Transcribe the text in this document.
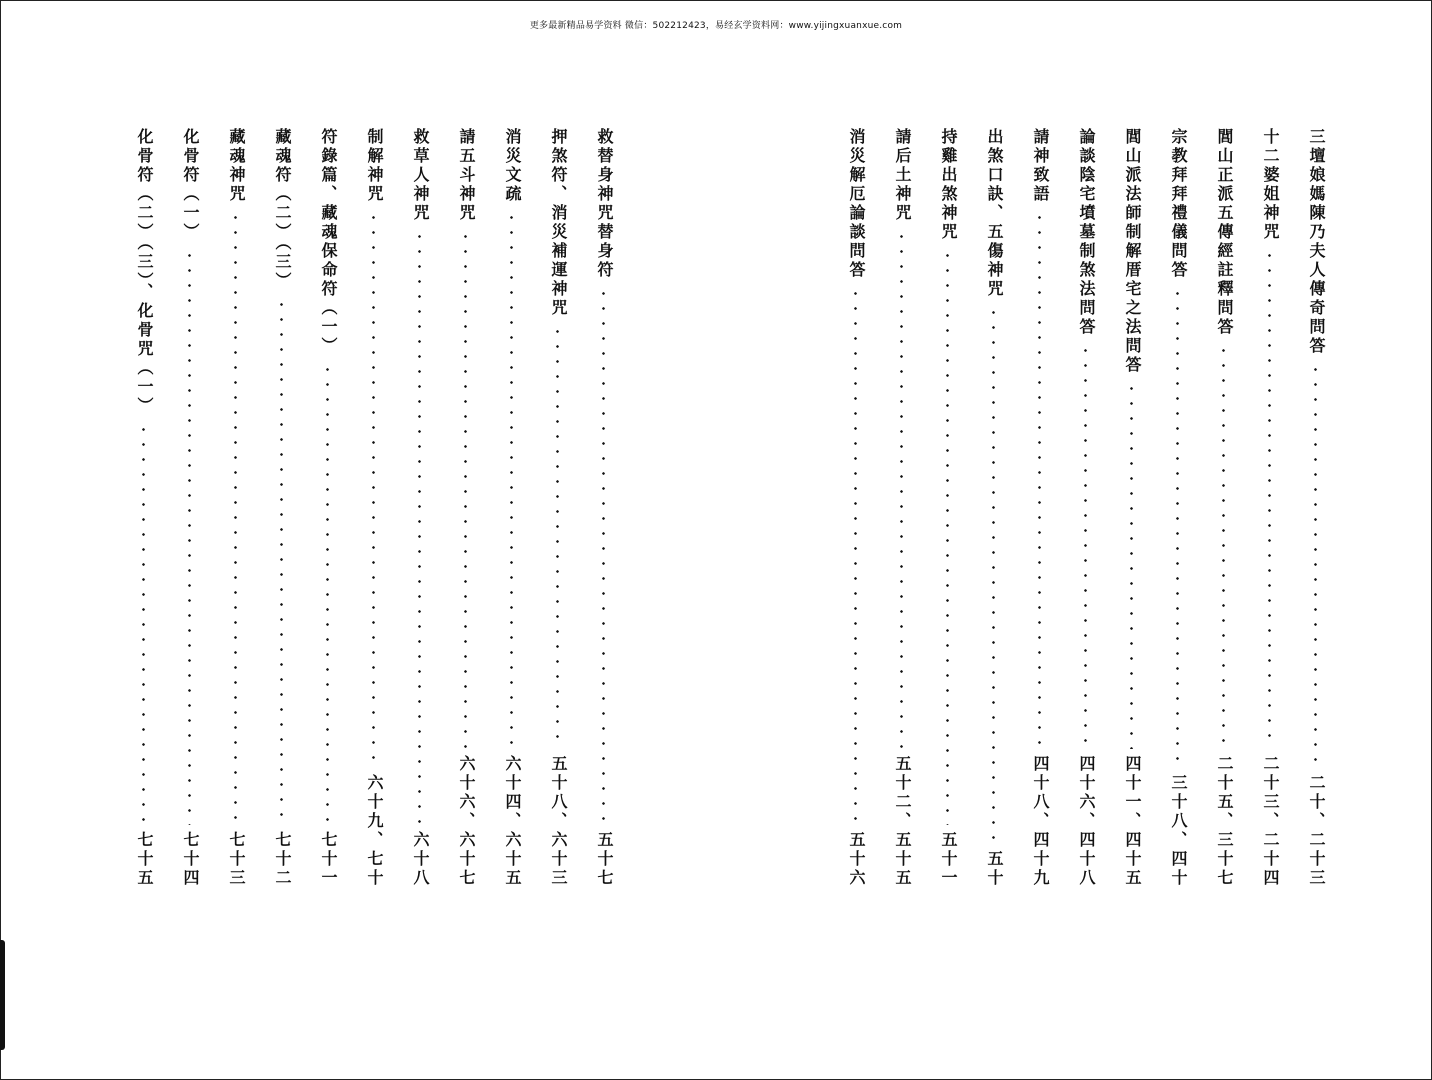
更多最新精品易学资料 微信：502212423，易经玄学资料网：www.yijingxuanxue.com
三壇娘媽陳乃夫人傳奇問答
二十、二十三
十二婆姐神咒
二十三、二十四
閭山正派五傳經註釋問答
二十五、三十七
宗教拜拜禮儀問答
三十八、四十
閭山派法師制解厝宅之法問答
四十一、四十五
論談陰宅墳墓制煞法問答
四十六、四十八
請神致語
四十八、四十九
出煞口訣、五傷神咒
五十
持雞出煞神咒
五十一
請后土神咒
五十二、五十五
消災解厄論談問答
五十六
救替身神咒替身符
五十七
押煞符、消災補運神咒
五十八、六十三
消災文疏
六十四、六十五
請五斗神咒
六十六、六十七
救草人神咒
六十八
制解神咒
六十九、七十
符錄篇、藏魂保命符（一）
七十一
藏魂符（二）（三）
七十二
藏魂神咒
七十三
化骨符（一）
七十四
化骨符（二）（三）、化骨咒（一）
七十五
